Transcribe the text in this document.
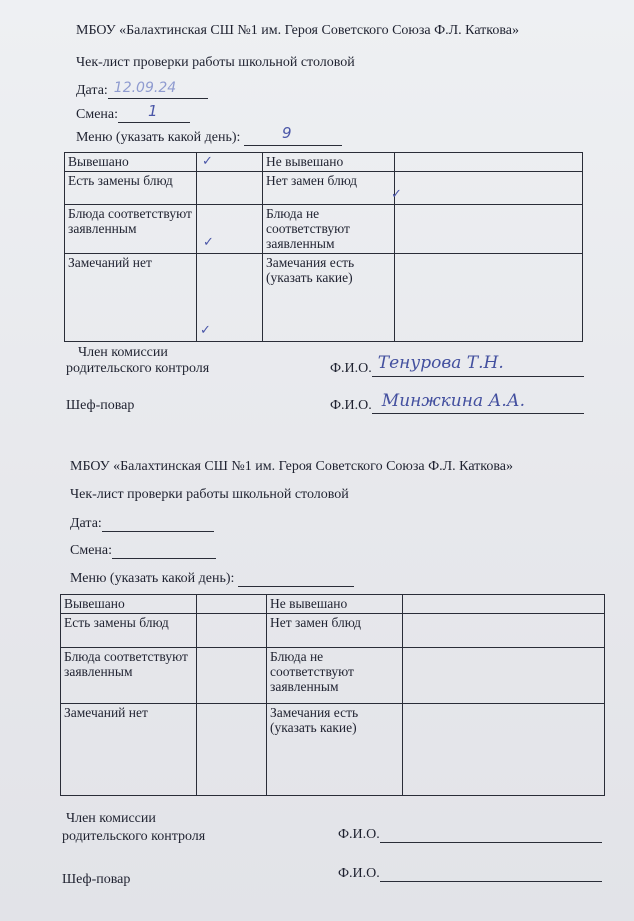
МБОУ «Балахтинская СШ №1 им. Героя Советского Союза Ф.Л. Каткова»
Чек-лист проверки работы школьной столовой
Дата: 12.09.24
Смена: 1
Меню (указать какой день):	9
Вывешано	✓	Не вывешано	
Есть замены блюд		Нет замен блюд	✓

Блюда соответствуют заявленным	✓	Блюда не соответствуют заявленным	
Замечаний нет	✓	Замечания есть (указать какие)	
Член комиссии
родительского контроля	Ф.И.О. Тенурова Т.Н.
Шеф-повар	Ф.И.О. Минжкина А.А.
МБОУ «Балахтинская СШ №1 им. Героя Советского Союза Ф.Л. Каткова»
Чек-лист проверки работы школьной столовой
Дата:
Смена:
Меню (указать какой день):
Вывешано		Не вывешано	
Есть замены блюд		Нет замен блюд	
Блюда соответствуют заявленным		Блюда не соответствуют заявленным	
Замечаний нет		Замечания есть (указать какие)	
Член комиссии
родительского контроля	Ф.И.О.
Шеф-повар	Ф.И.О.
